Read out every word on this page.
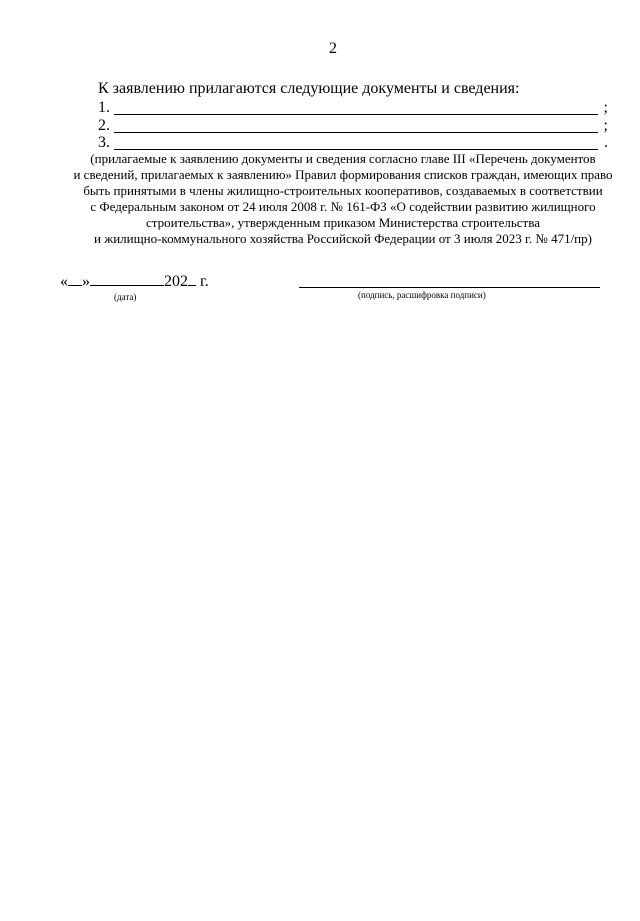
2
К заявлению прилагаются следующие документы и сведения:
1.	;
2.	;
3.	.
(прилагаемые к заявлению документы и сведения согласно главе III «Перечень документов
и сведений, прилагаемых к заявлению» Правил формирования списков граждан, имеющих право
быть принятыми в члены жилищно-строительных кооперативов, создаваемых в соответствии
с Федеральным законом от 24 июля 2008 г. № 161-ФЗ «О содействии развитию жилищного
строительства», утвержденным приказом Министерства строительства
и жилищно-коммунального хозяйства Российской Федерации от 3 июля 2023 г. № 471/пр)
« »	202 г.
(дата)	(подпись, расшифровка подписи)
